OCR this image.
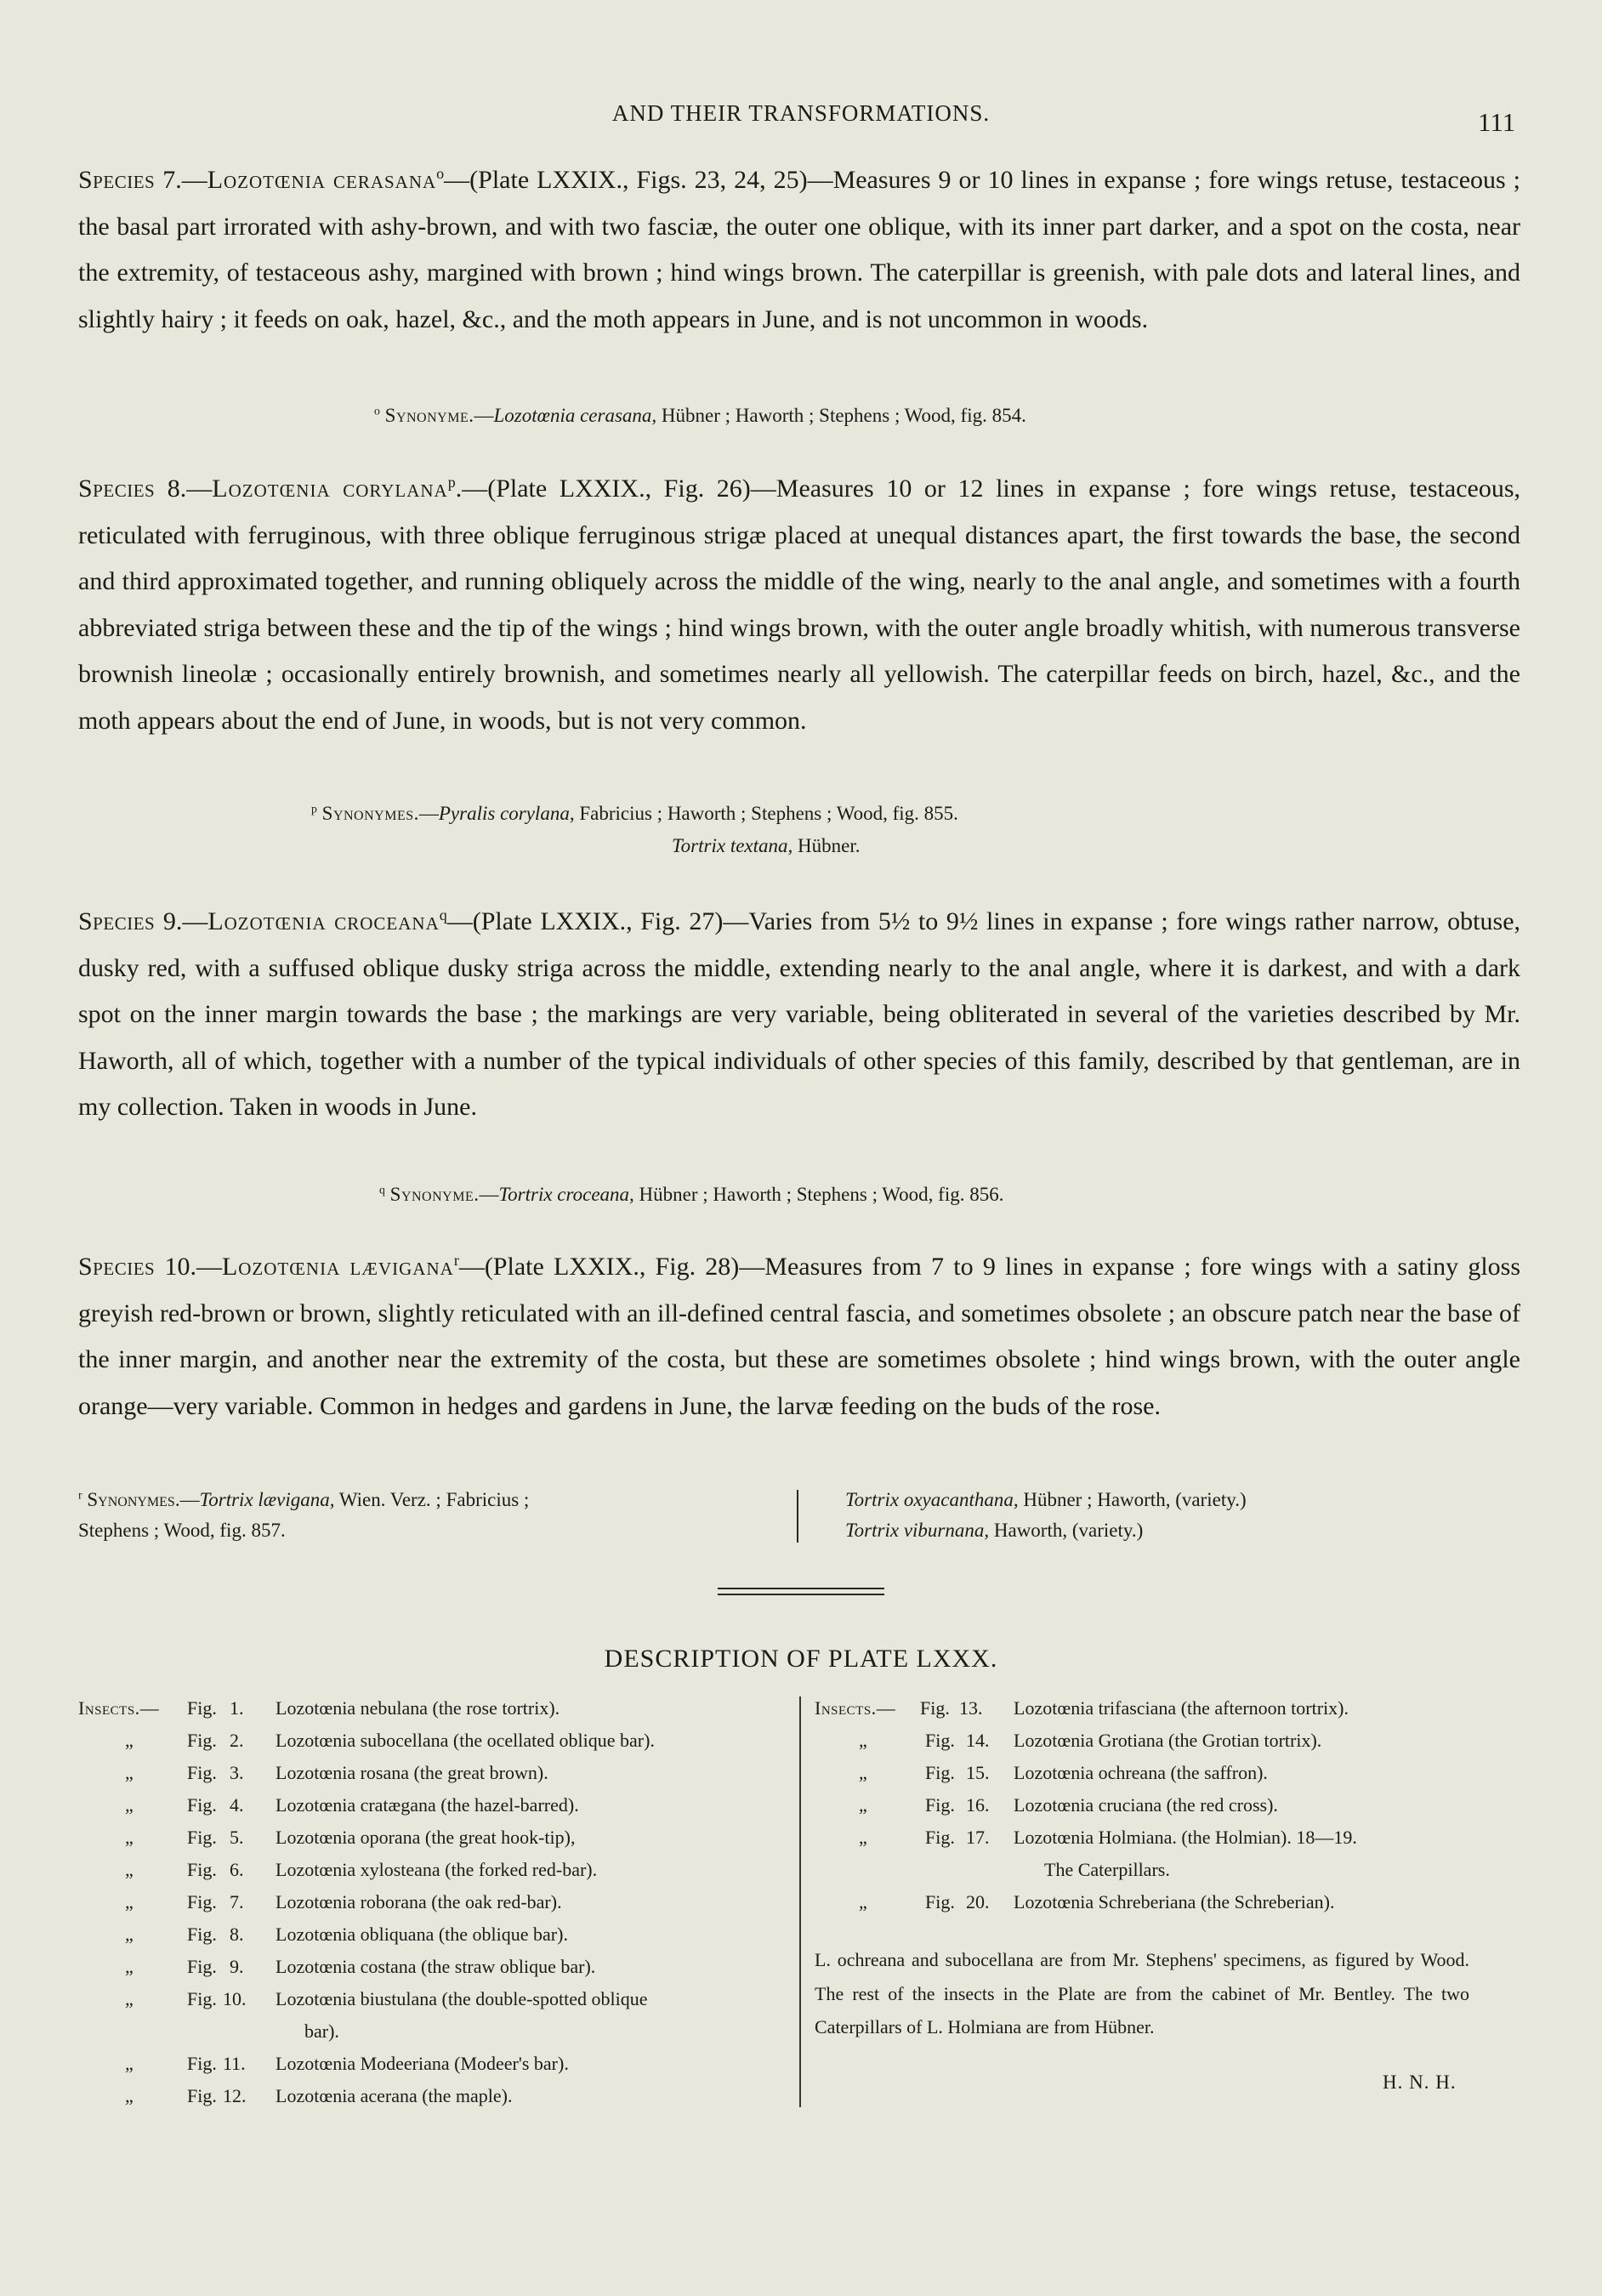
AND THEIR TRANSFORMATIONS.	111
Species 7.—Lozotœnia cerasana$^o$—(Plate LXXIX., Figs. 23, 24, 25)—Measures 9 or 10 lines in expanse ; fore wings retuse, testaceous ; the basal part irrorated with ashy-brown, and with two fasciæ, the outer one oblique, with its inner part darker, and a spot on the costa, near the extremity, of testaceous ashy, margined with brown ; hind wings brown. The caterpillar is greenish, with pale dots and lateral lines, and slightly hairy ; it feeds on oak, hazel, &c., and the moth appears in June, and is not uncommon in woods.
$^o$ Synonyme.—Lozotœnia cerasana, Hübner ; Haworth ; Stephens ; Wood, fig. 854.
Species 8.—Lozotœnia corylana$^p$.—(Plate LXXIX., Fig. 26)—Measures 10 or 12 lines in expanse ; fore wings retuse, testaceous, reticulated with ferruginous, with three oblique ferruginous strigæ placed at unequal distances apart, the first towards the base, the second and third approximated together, and running obliquely across the middle of the wing, nearly to the anal angle, and sometimes with a fourth abbreviated striga between these and the tip of the wings ; hind wings brown, with the outer angle broadly whitish, with numerous transverse brownish lineolæ ; occasionally entirely brownish, and sometimes nearly all yellowish. The caterpillar feeds on birch, hazel, &c., and the moth appears about the end of June, in woods, but is not very common.
$^p$ Synonymes.—Pyralis corylana, Fabricius ; Haworth ; Stephens ; Wood, fig. 855.
Tortrix textana, Hübner.
Species 9.—Lozotœnia croceana$^q$—(Plate LXXIX., Fig. 27)—Varies from 5½ to 9½ lines in expanse ; fore wings rather narrow, obtuse, dusky red, with a suffused oblique dusky striga across the middle, extending nearly to the anal angle, where it is darkest, and with a dark spot on the inner margin towards the base ; the markings are very variable, being obliterated in several of the varieties described by Mr. Haworth, all of which, together with a number of the typical individuals of other species of this family, described by that gentleman, are in my collection. Taken in woods in June.
$^q$ Synonyme.—Tortrix croceana, Hübner ; Haworth ; Stephens ; Wood, fig. 856.
Species 10.—Lozotœnia lævigana$^r$—(Plate LXXIX., Fig. 28)—Measures from 7 to 9 lines in expanse ; fore wings with a satiny gloss greyish red-brown or brown, slightly reticulated with an ill-defined central fascia, and sometimes obsolete ; an obscure patch near the base of the inner margin, and another near the extremity of the costa, but these are sometimes obsolete ; hind wings brown, with the outer angle orange—very variable. Common in hedges and gardens in June, the larvæ feeding on the buds of the rose.
$^r$ Synonymes.—Tortrix lævigana, Wien. Verz. ; Fabricius ;
Stephens ; Wood, fig. 857.
Tortrix oxyacanthana, Hübner ; Haworth, (variety.)
Tortrix viburnana, Haworth, (variety.)
DESCRIPTION OF PLATE LXXX.
Insects.— Fig. 1. Lozotœnia nebulana (the rose tortrix).
„	Fig. 2. Lozotœnia subocellana (the ocellated oblique bar).
„	Fig. 3. Lozotœnia rosana (the great brown).
„	Fig. 4. Lozotœnia cratægana (the hazel-barred).
„	Fig. 5. Lozotœnia oporana (the great hook-tip),
„	Fig. 6. Lozotœnia xylosteana (the forked red-bar).
„	Fig. 7. Lozotœnia roborana (the oak red-bar).
„	Fig. 8. Lozotœnia obliquana (the oblique bar).
„	Fig. 9. Lozotœnia costana (the straw oblique bar).
„	Fig. 10. Lozotœnia biustulana (the double-spotted oblique
bar).
„	Fig. 11. Lozotœnia Modeeriana (Modeer's bar).
„	Fig. 12. Lozotœnia acerana (the maple).
Insects.— Fig. 13. Lozotœnia trifasciana (the afternoon tortrix).
„	Fig. 14. Lozotœnia Grotiana (the Grotian tortrix).
„	Fig. 15. Lozotœnia ochreana (the saffron).
„	Fig. 16. Lozotœnia cruciana (the red cross).
„	Fig. 17. Lozotœnia Holmiana. (the Holmian). 18—19.
The Caterpillars.
„	Fig. 20. Lozotœnia Schreberiana (the Schreberian).
L. ochreana and subocellana are from Mr. Stephens' specimens, as figured by Wood. The rest of the insects in the Plate are from the cabinet of Mr. Bentley. The two Caterpillars of L. Holmiana are from Hübner.
H. N. H.
